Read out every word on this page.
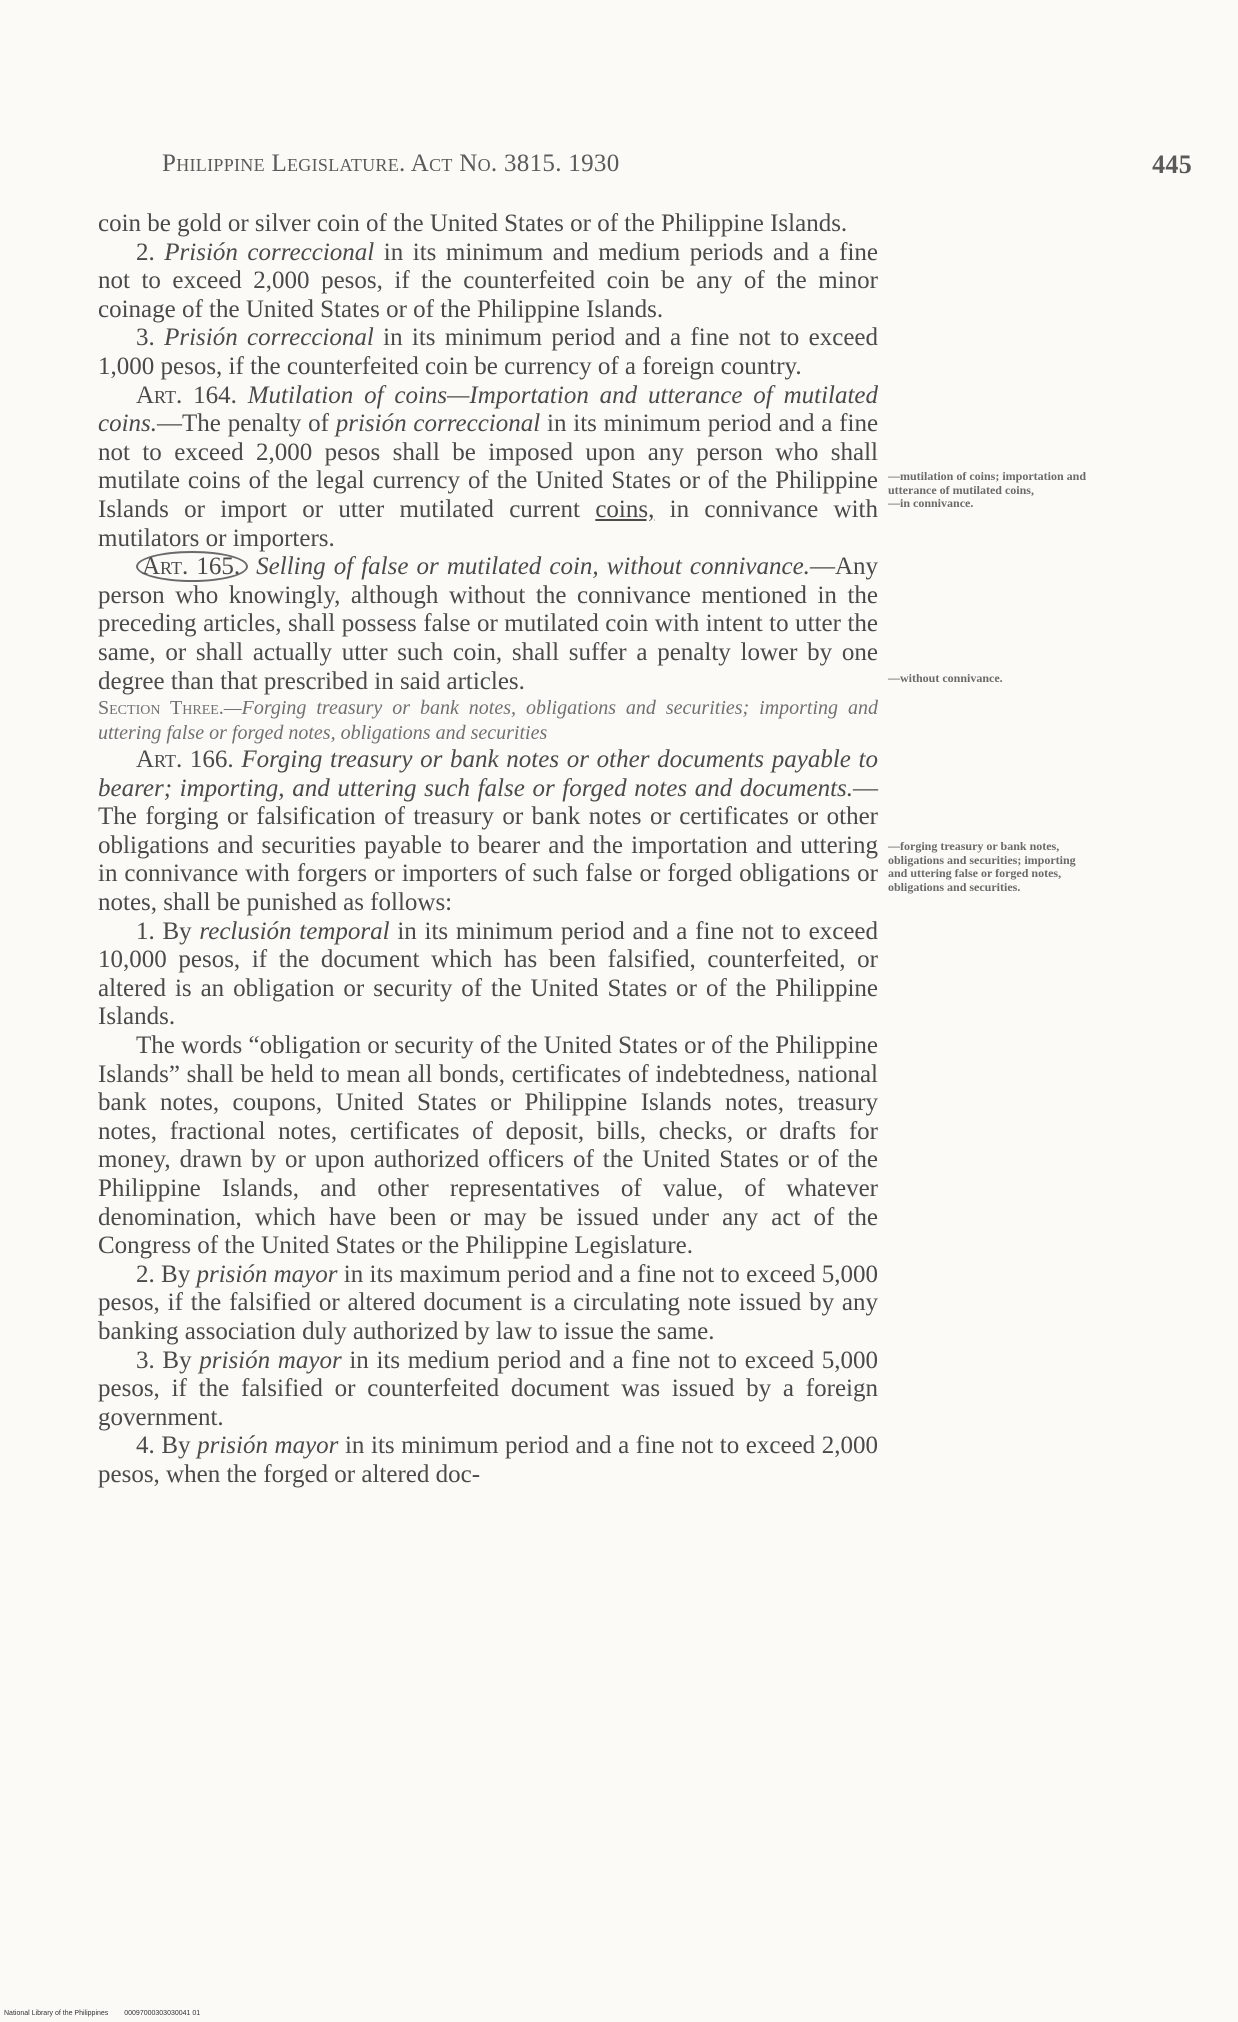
Philippine Legislature. Act No. 3815. 1930	445

coin be gold or silver coin of the United States or of the Philippine Islands.

2. Prisión correccional in its minimum and medium periods and a fine not to exceed 2,000 pesos, if the counterfeited coin be any of the minor coinage of the United States or of the Philippine Islands.

3. Prisión correccional in its minimum period and a fine not to exceed 1,000 pesos, if the counterfeited coin be currency of a foreign country.

Art. 164. Mutilation of coins—Importation and utterance of mutilated coins.—The penalty of prisión correccional in its minimum period and a fine not to exceed 2,000 pesos shall be imposed upon any person who shall mutilate coins of the legal currency of the United States or of the Philippine Islands or import or utter mutilated current coins, in connivance with mutilators or importers.

Art. 165. Selling of false or mutilated coin, without connivance.—Any person who knowingly, although without the connivance mentioned in the preceding articles, shall possess false or mutilated coin with intent to utter the same, or shall actually utter such coin, shall suffer a penalty lower by one degree than that prescribed in said articles.

Section Three.—Forging treasury or bank notes, obligations and securities; importing and uttering false or forged notes, obligations and securities

Art. 166. Forging treasury or bank notes or other documents payable to bearer; importing, and uttering such false or forged notes and documents.—The forging or falsification of treasury or bank notes or certificates or other obligations and securities payable to bearer and the importation and uttering in connivance with forgers or importers of such false or forged obligations or notes, shall be punished as follows:

1. By reclusión temporal in its minimum period and a fine not to exceed 10,000 pesos, if the document which has been falsified, counterfeited, or altered is an obligation or security of the United States or of the Philippine Islands.

The words “obligation or security of the United States or of the Philippine Islands” shall be held to mean all bonds, certificates of indebtedness, national bank notes, coupons, United States or Philippine Islands notes, treasury notes, fractional notes, certificates of deposit, bills, checks, or drafts for money, drawn by or upon authorized officers of the United States or of the Philippine Islands, and other representatives of value, of whatever denomination, which have been or may be issued under any act of the Congress of the United States or the Philippine Legislature.

2. By prisión mayor in its maximum period and a fine not to exceed 5,000 pesos, if the falsified or altered document is a circulating note issued by any banking association duly authorized by law to issue the same.

3. By prisión mayor in its medium period and a fine not to exceed 5,000 pesos, if the falsified or counterfeited document was issued by a foreign government.

4. By prisión mayor in its minimum period and a fine not to exceed 2,000 pesos, when the forged or altered doc-

—mutilation of coins; importation and utterance of mutilated coins,

—in connivance.

—without connivance.

—forging treasury or bank notes, obligations and securities; importing and uttering false or forged notes, obligations and securities.

National Library of the Philippines 00097000303030041 01
